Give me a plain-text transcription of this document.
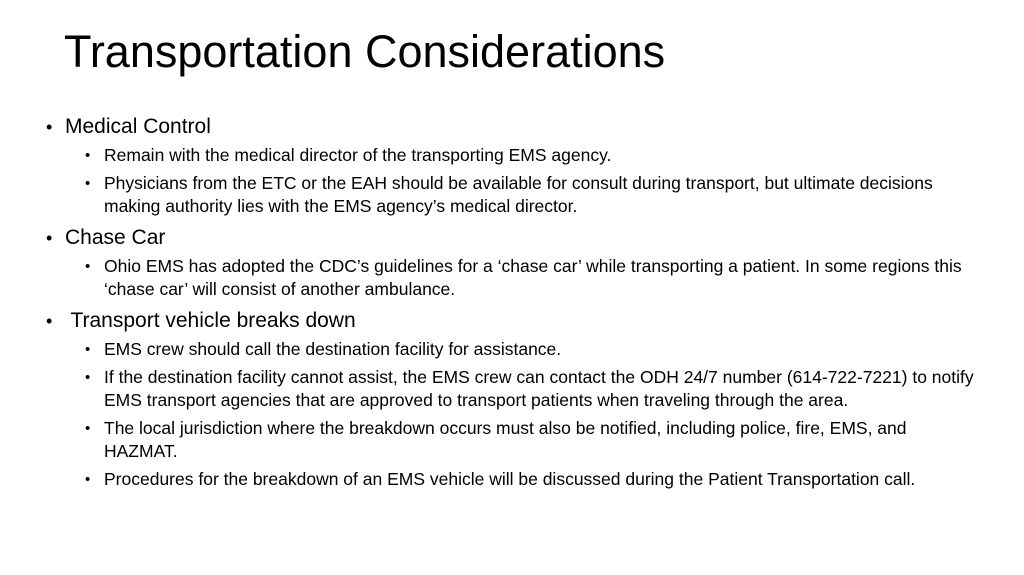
Transportation Considerations
• Medical Control
• Remain with the medical director of the transporting EMS agency.
• Physicians from the ETC or the EAH should be available for consult during transport, but ultimate decisions making authority lies with the EMS agency’s medical director.
• Chase Car
• Ohio EMS has adopted the CDC’s guidelines for a ‘chase car’ while transporting a patient. In some regions this ‘chase car’ will consist of another ambulance.
• Transport vehicle breaks down
• EMS crew should call the destination facility for assistance.
• If the destination facility cannot assist, the EMS crew can contact the ODH 24/7 number (614-722-7221) to notify EMS transport agencies that are approved to transport patients when traveling through the area.
• The local jurisdiction where the breakdown occurs must also be notified, including police, fire, EMS, and HAZMAT.
• Procedures for the breakdown of an EMS vehicle will be discussed during the Patient Transportation call.
